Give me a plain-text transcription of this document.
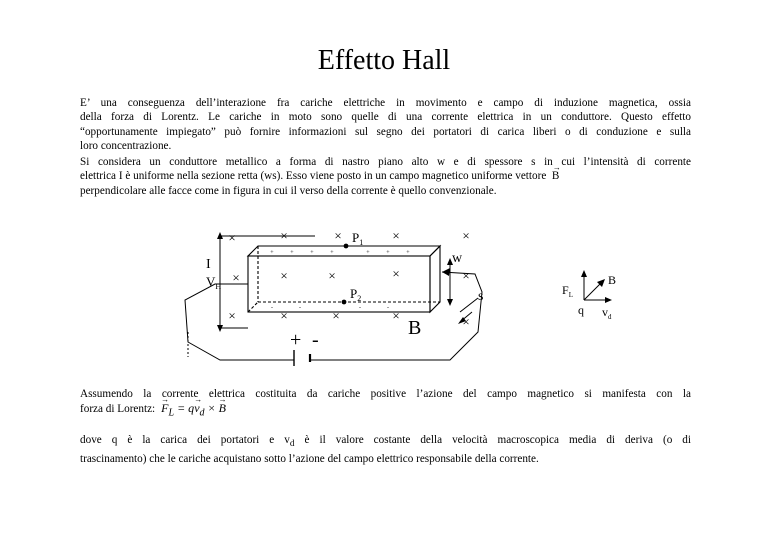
Effetto Hall
E’ una conseguenza dell’interazione fra cariche elettriche in movimento e campo di induzione magnetica, ossia
della forza di Lorentz. Le cariche in moto sono quelle di una corrente elettrica in un conduttore. Questo effetto
“opportunamente impiegato” può fornire informazioni sul segno dei portatori di carica liberi o di conduzione e sulla
loro concentrazione.
Si considera un conduttore metallico a forma di nastro piano alto w e di spessore s in cui l’intensità di corrente
elettrica I è uniforme nella sezione retta (ws). Esso viene posto in un campo magnetico uniforme vettore → B
perpendicolare alle facce come in figura in cui il verso della corrente è quello convenzionale.
×	×	×	×	×
×	×	×	×	×
×	×	×	×	×
+	+	+	+	+	+	+
-	-	-	-
I
$V_H$
$P_1$
$P_2$
w
s
B
+ -
$F_L$
B
q $v_d$
Assumendo la corrente elettrica costituita da cariche positive l’azione del campo magnetico si manifesta con la
forza di Lorentz: → $F_L = q\to v_d$ × → B
dove q è la carica dei portatori e $v_d$ è il valore costante della velocità macroscopica media di deriva (o di
trascinamento) che le cariche acquistano sotto l’azione del campo elettrico responsabile della corrente.
